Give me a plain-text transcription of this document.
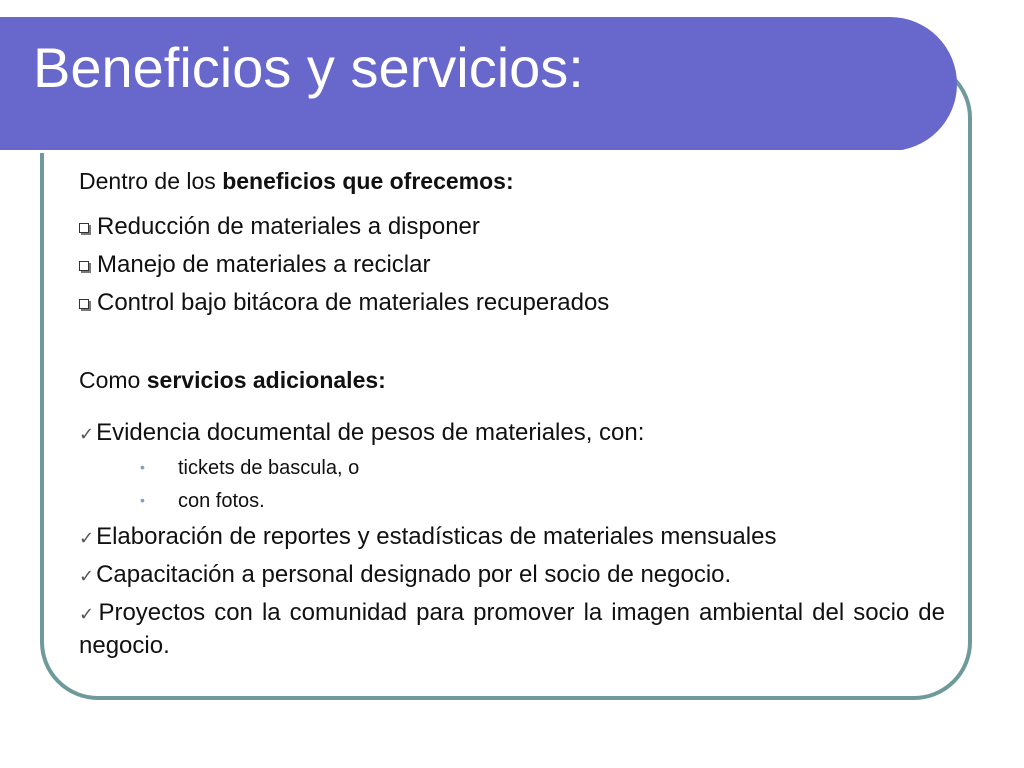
Beneficios y servicios:
Dentro de los beneficios que ofrecemos:
Reducción de materiales a disponer
Manejo de materiales a reciclar
Control bajo bitácora de materiales recuperados
Como servicios adicionales:
✓Evidencia documental de pesos de materiales, con:
• tickets de bascula, o
• con fotos.
✓Elaboración de reportes y estadísticas de materiales mensuales
✓Capacitación a personal designado por el socio de negocio.
✓Proyectos con la comunidad para promover la imagen ambiental del socio de negocio.
